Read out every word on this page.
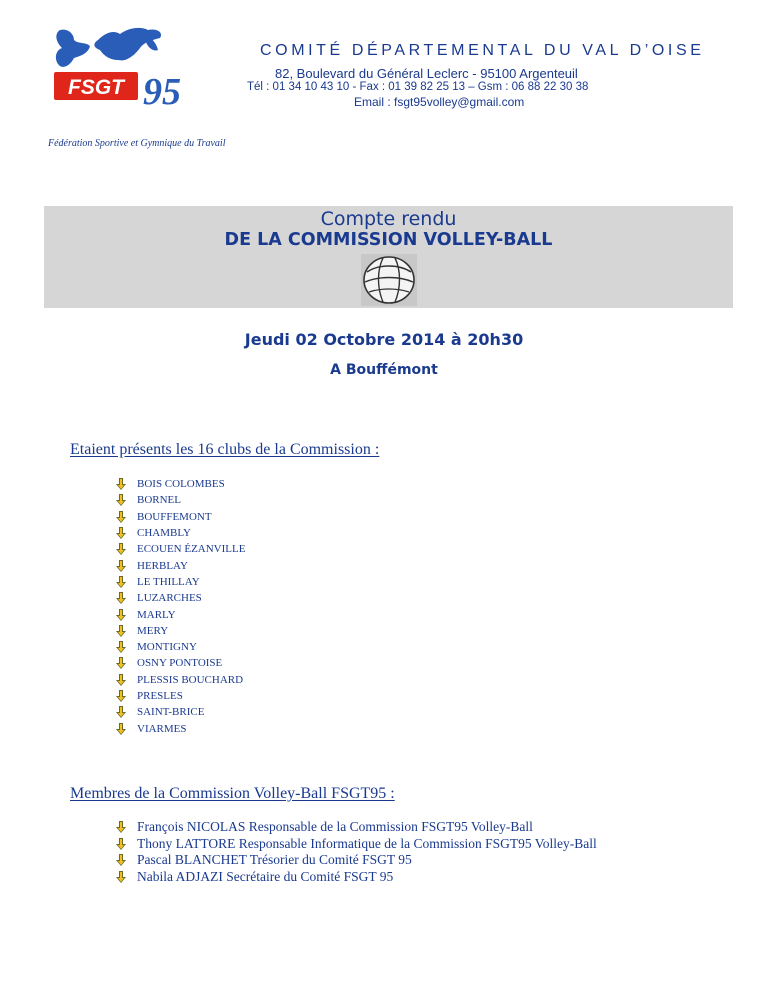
FSGT 95
COMITÉ DÉPARTEMENTAL DU VAL D’OISE
82, Boulevard du Général Leclerc - 95100 Argenteuil
Tél : 01 34 10 43 10 - Fax : 01 39 82 25 13 – Gsm : 06 88 22 30 38
Email : fsgt95volley@gmail.com
Fédération Sportive et Gymnique du Travail
Compte rendu
DE LA COMMISSION VOLLEY-BALL
Jeudi 02 Octobre 2014 à 20h30
A Bouffémont
Etaient présents les 16 clubs de la Commission :
BOIS COLOMBES
BORNEL
BOUFFEMONT
CHAMBLY
ECOUEN ÉZANVILLE
HERBLAY
LE THILLAY
LUZARCHES
MARLY
MERY
MONTIGNY
OSNY PONTOISE
PLESSIS BOUCHARD
PRESLES
SAINT-BRICE
VIARMES
Membres de la Commission Volley-Ball FSGT95 :
François NICOLAS Responsable de la Commission FSGT95 Volley-Ball
Thony LATTORE Responsable Informatique de la Commission FSGT95 Volley-Ball
Pascal BLANCHET Trésorier du Comité FSGT 95
Nabila ADJAZI Secrétaire du Comité FSGT 95
